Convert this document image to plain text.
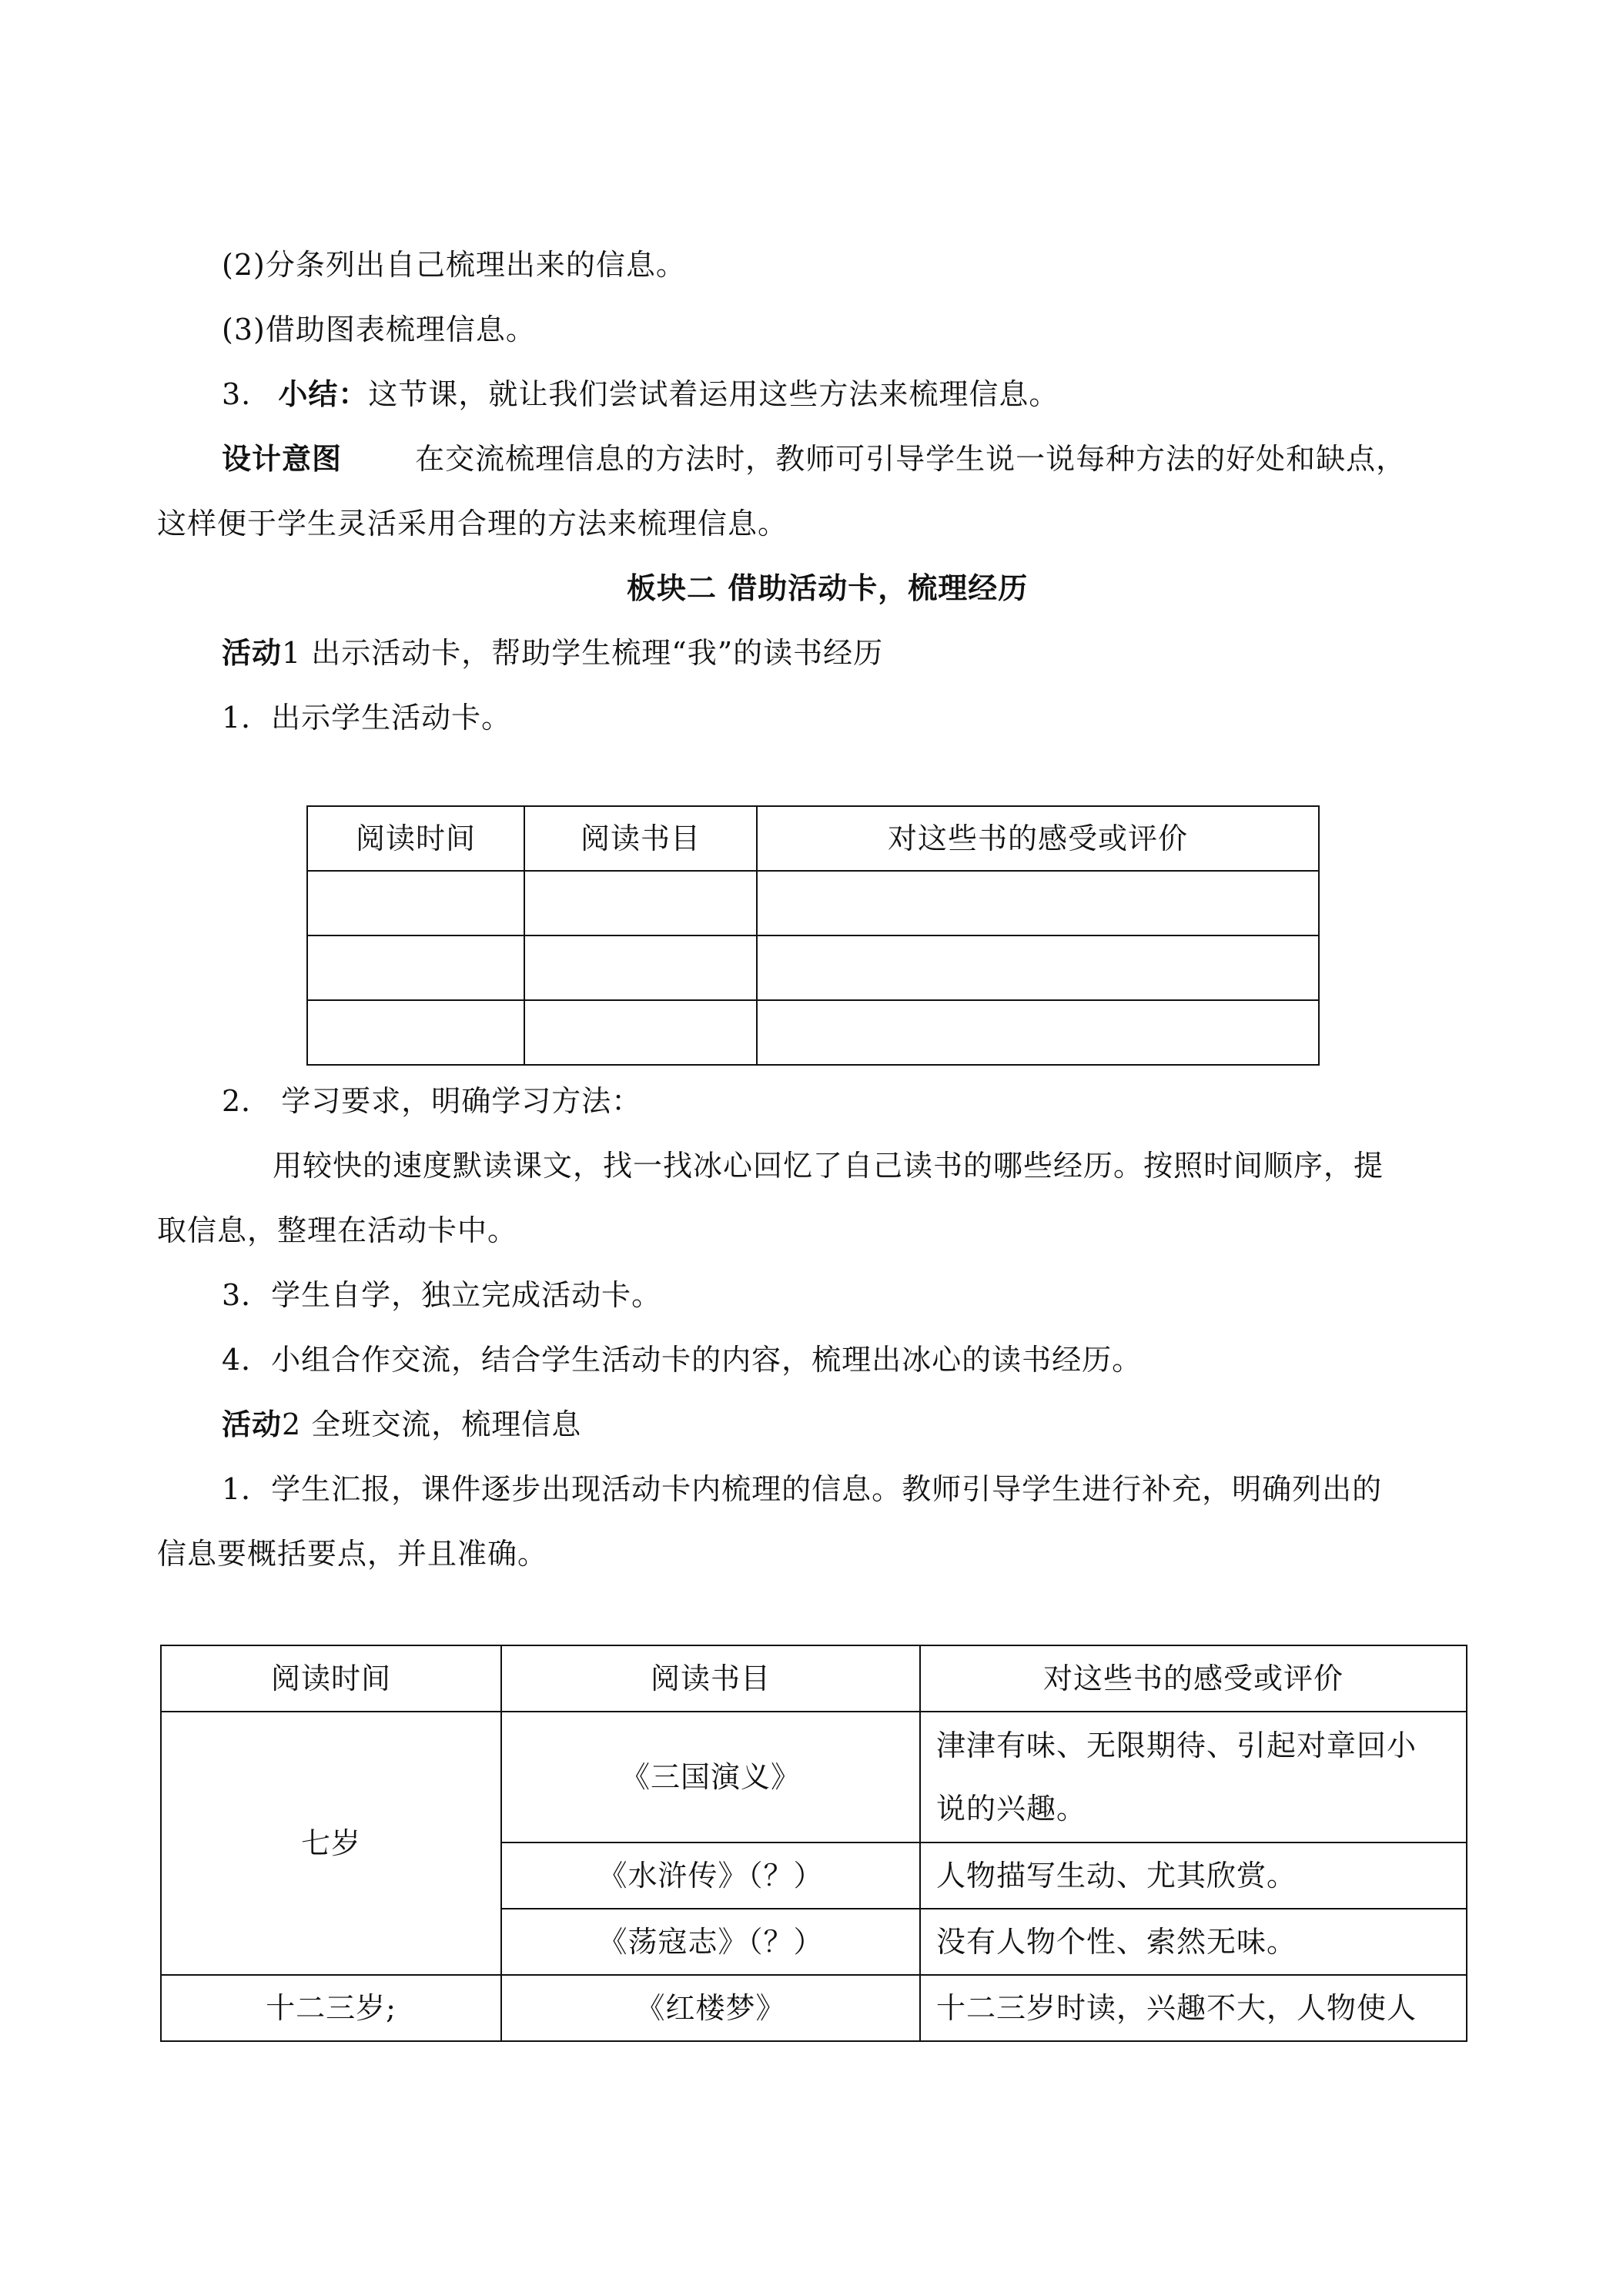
(2)分条列出自己梳理出来的信息。
(3)借助图表梳理信息。
3. 小结：这节课，就让我们尝试着运用这些方法来梳理信息。
设计意图	在交流梳理信息的方法时，教师可引导学生说一说每种方法的好处和缺点，
这样便于学生灵活采用合理的方法来梳理信息。
板块二 借助活动卡，梳理经历
活动1 出示活动卡，帮助学生梳理“我”的读书经历
1．出示学生活动卡。
阅读时间	阅读书目	对这些书的感受或评价

2． 学习要求，明确学习方法：
用较快的速度默读课文，找一找冰心回忆了自己读书的哪些经历。按照时间顺序，提
取信息，整理在活动卡中。
3．学生自学，独立完成活动卡。
4．小组合作交流，结合学生活动卡的内容，梳理出冰心的读书经历。
活动2 全班交流，梳理信息
1．学生汇报，课件逐步出现活动卡内梳理的信息。教师引导学生进行补充，明确列出的
信息要概括要点，并且准确。
阅读时间	阅读书目	对这些书的感受或评价
七岁	《三国演义》	津津有味、无限期待、引起对章回小
说的兴趣。

	《水浒传》（？）	人物描写生动、尤其欣赏。
	《荡寇志》（？）	没有人物个性、索然无味。
十二三岁;	《红楼梦》	十二三岁时读，兴趣不大，人物使人
